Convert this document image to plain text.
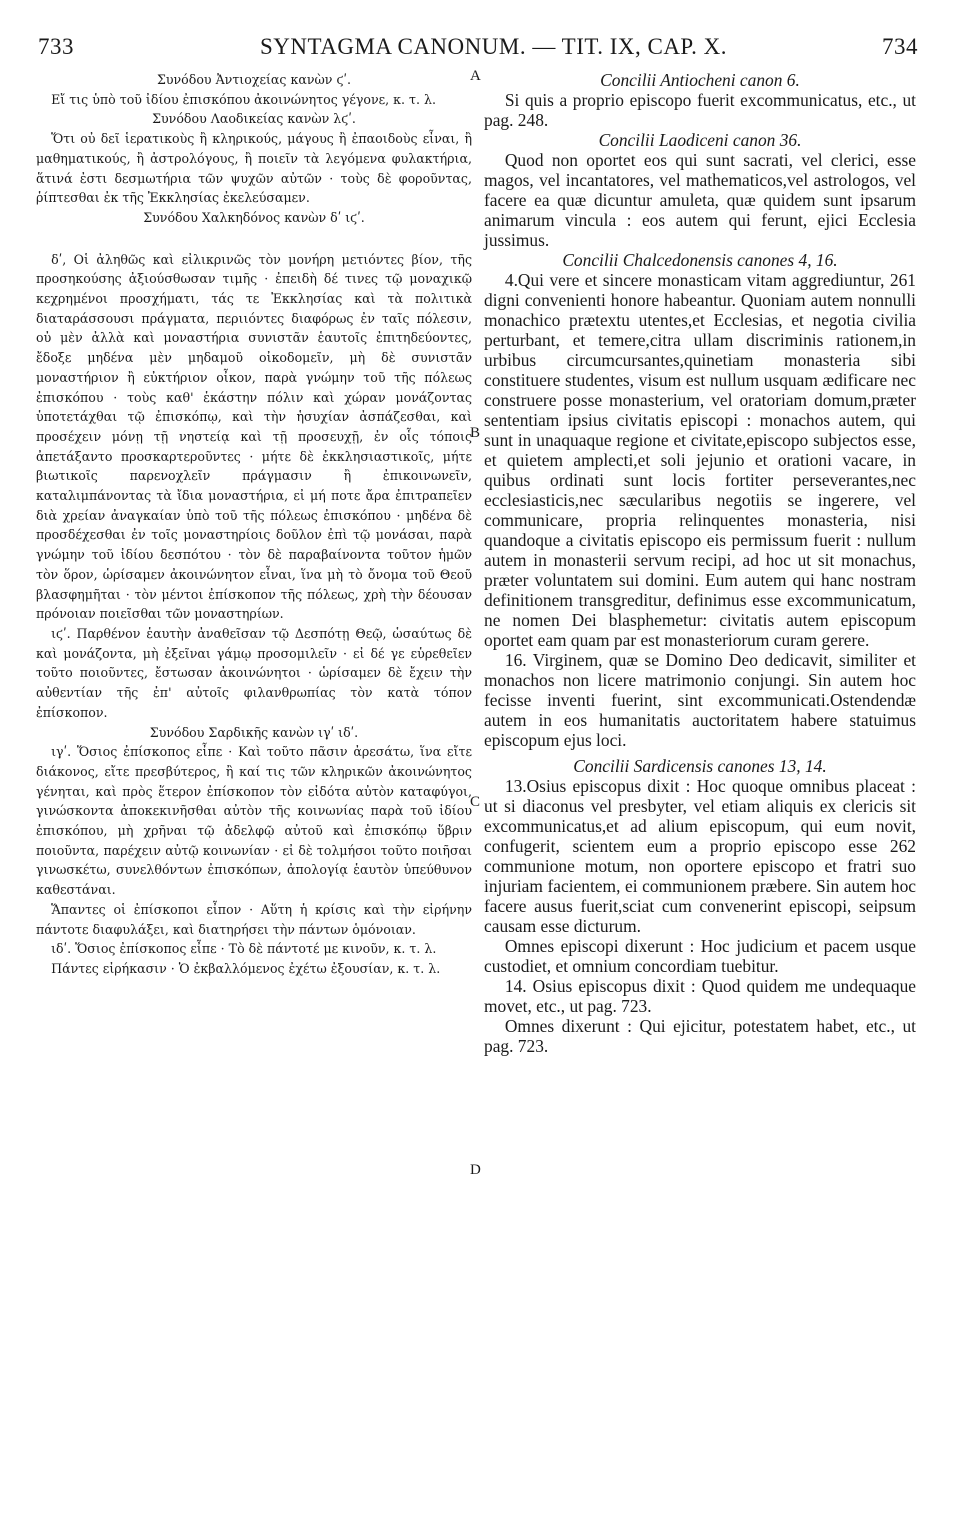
733	SYNTAGMA CANONUM. — TIT. IX, CAP. X.	734
A
B
C
D

Συνόδου Ἀντιοχείας κανὼν ϛʹ.

Εἴ τις ὑπὸ τοῦ ἰδίου ἐπισκόπου ἀκοινώνητος γέγονε, κ. τ. λ.

Συνόδου Λαοδικείας κανὼν λϛʹ.

Ὅτι οὐ δεῖ ἱερατικοὺς ἢ κληρικούς, μάγους ἢ ἐπαοιδοὺς εἶναι, ἢ μαθηματικούς, ἢ ἀστρολόγους, ἢ ποιεῖν τὰ λεγόμενα φυλακτήρια, ἅτινά ἐστι δεσμωτήρια τῶν ψυχῶν αὐτῶν · τοὺς δὲ φοροῦντας, ῥίπτεσθαι ἐκ τῆς Ἐκκλησίας ἐκελεύσαμεν.

Συνόδου Χαλκηδόνος κανὼν δʹ ιϛʹ.

δʹ, Οἱ ἀληθῶς καὶ εἰλικρινῶς τὸν μονήρη μετιόντες βίον, τῆς προσηκούσης ἀξιούσθωσαν τιμῆς · ἐπειδὴ δέ τινες τῷ μοναχικῷ κεχρημένοι προσχήματι, τάς τε Ἐκκλησίας καὶ τὰ πολιτικὰ διαταράσσουσι πράγματα, περιιόντες διαφόρως ἐν ταῖς πόλεσιν, οὐ μὲν ἀλλὰ καὶ μοναστήρια συνιστᾶν ἑαυτοῖς ἐπιτηδεύοντες, ἔδοξε μηδένα μὲν μηδαμοῦ οἰκοδομεῖν, μὴ δὲ συνιστᾶν μοναστήριον ἢ εὐκτήριον οἶκον, παρὰ γνώμην τοῦ τῆς πόλεως ἐπισκόπου · τοὺς καθ' ἑκάστην πόλιν καὶ χώραν μονάζοντας ὑποτετάχθαι τῷ ἐπισκόπῳ, καὶ τὴν ἡσυχίαν ἀσπάζεσθαι, καὶ προσέχειν μόνῃ τῇ νηστείᾳ καὶ τῇ προσευχῇ, ἐν οἷς τόποις ἀπετάξαντο προσκαρτεροῦντες · μήτε δὲ ἐκκλησιαστικοῖς, μήτε βιωτικοῖς παρενοχλεῖν πράγμασιν ἢ ἐπικοινωνεῖν, καταλιμπάνοντας τὰ ἴδια μοναστήρια, εἰ μή ποτε ἄρα ἐπιτραπεῖεν διὰ χρείαν ἀναγκαίαν ὑπὸ τοῦ τῆς πόλεως ἐπισκόπου · μηδένα δὲ προσδέχεσθαι ἐν τοῖς μοναστηρίοις δοῦλον ἐπὶ τῷ μονάσαι, παρὰ γνώμην τοῦ ἰδίου δεσπότου · τὸν δὲ παραβαίνοντα τοῦτον ἡμῶν τὸν ὅρον, ὡρίσαμεν ἀκοινώνητον εἶναι, ἵνα μὴ τὸ ὄνομα τοῦ Θεοῦ βλασφημῆται · τὸν μέντοι ἐπίσκοπον τῆς πόλεως, χρὴ τὴν δέουσαν πρόνοιαν ποιεῖσθαι τῶν μοναστηρίων.

ιϛʹ. Παρθένον ἑαυτὴν ἀναθεῖσαν τῷ Δεσπότῃ Θεῷ, ὡσαύτως δὲ καὶ μονάζοντα, μὴ ἐξεῖναι γάμῳ προσομιλεῖν · εἰ δέ γε εὑρεθεῖεν τοῦτο ποιοῦντες, ἔστωσαν ἀκοινώνητοι · ὡρίσαμεν δὲ ἔχειν τὴν αὐθεντίαν τῆς ἐπ' αὐτοῖς φιλανθρωπίας τὸν κατὰ τόπον ἐπίσκοπον.

Συνόδου Σαρδικῆς κανὼν ιγʹ ιδʹ.

ιγʹ. Ὅσιος ἐπίσκοπος εἶπε · Καὶ τοῦτο πᾶσιν ἀρεσάτω, ἵνα εἴτε διάκονος, εἴτε πρεσβύτερος, ἢ καί τις τῶν κληρικῶν ἀκοινώνητος γένηται, καὶ πρὸς ἕτερον ἐπίσκοπον τὸν εἰδότα αὐτὸν καταφύγοι, γινώσκοντα ἀποκεκινῆσθαι αὐτὸν τῆς κοινωνίας παρὰ τοῦ ἰδίου ἐπισκόπου, μὴ χρῆναι τῷ ἀδελφῷ αὐτοῦ καὶ ἐπισκόπῳ ὕβριν ποιοῦντα, παρέχειν αὐτῷ κοινωνίαν · εἰ δὲ τολμήσοι τοῦτο ποιῆσαι γινωσκέτω, συνελθόντων ἐπισκόπων, ἀπολογίᾳ ἑαυτὸν ὑπεύθυνον καθεστάναι.

Ἅπαντες οἱ ἐπίσκοποι εἶπον · Αὕτη ἡ κρίσις καὶ τὴν εἰρήνην πάντοτε διαφυλάξει, καὶ διατηρήσει τὴν πάντων ὁμόνοιαν.

ιδʹ. Ὅσιος ἐπίσκοπος εἶπε · Τὸ δὲ πάντοτέ με κινοῦν, κ. τ. λ.

Πάντες εἰρήκασιν · Ὁ ἐκβαλλόμενος ἐχέτω ἐξουσίαν, κ. τ. λ.

Concilii Antiocheni canon 6.

Si quis a proprio episcopo fuerit excommunicatus, etc., ut pag. 248.

Concilii Laodiceni canon 36.

Quod non oportet eos qui sunt sacrati, vel clerici, esse magos, vel incantatores, vel mathematicos,vel astrologos, vel facere ea quæ dicuntur amuleta, quæ quidem sunt ipsarum animarum vincula : eos autem qui ferunt, ejici Ecclesia jussimus.

Concilii Chalcedonensis canones 4, 16.

4.Qui vere et sincere monasticam vitam aggrediuntur, 261 digni convenienti honore habeantur. Quoniam autem nonnulli monachico prætextu utentes,et Ecclesias, et negotia civilia perturbant, et temere,citra ullam discriminis rationem,in urbibus circumcursantes,quinetiam monasteria sibi constituere studentes, visum est nullum usquam ædificare nec construere posse monasterium, vel oratoriam domum,præter sententiam ipsius civitatis episcopi : monachos autem, qui sunt in unaquaque regione et civitate,episcopo subjectos esse, et quietem amplecti,et soli jejunio et orationi vacare, in quibus ordinati sunt locis fortiter perseverantes,nec ecclesiasticis,nec sæcularibus negotiis se ingerere, vel communicare, propria relinquentes monasteria, nisi quandoque a civitatis episcopo eis permissum fuerit : nullum autem in monasterii servum recipi, ad hoc ut sit monachus, præter voluntatem sui domini. Eum autem qui hanc nostram definitionem transgreditur, definimus esse excommunicatum, ne nomen Dei blasphemetur: civitatis autem episcopum oportet eam quam par est monasteriorum curam gerere.

16. Virginem, quæ se Domino Deo dedicavit, similiter et monachos non licere matrimonio conjungi. Sin autem hoc fecisse inventi fuerint, sint excommunicati.Ostendendæ autem in eos humanitatis auctoritatem habere statuimus episcopum ejus loci.

Concilii Sardicensis canones 13, 14.

13.Osius episcopus dixit : Hoc quoque omnibus placeat : ut si diaconus vel presbyter, vel etiam aliquis ex clericis sit excommunicatus,et ad alium episcopum, qui eum novit, confugerit, scientem eum a proprio episcopo esse 262 communione motum, non oportere episcopo et fratri suo injuriam facientem, ei communionem præbere. Sin autem hoc facere ausus fuerit,sciat cum convenerint episcopi, seipsum causam esse dicturum.

Omnes episcopi dixerunt : Hoc judicium et pacem usque custodiet, et omnium concordiam tuebitur.

14. Osius episcopus dixit : Quod quidem me undequaque movet, etc., ut pag. 723.

Omnes dixerunt : Qui ejicitur, potestatem habet, etc., ut pag. 723.
